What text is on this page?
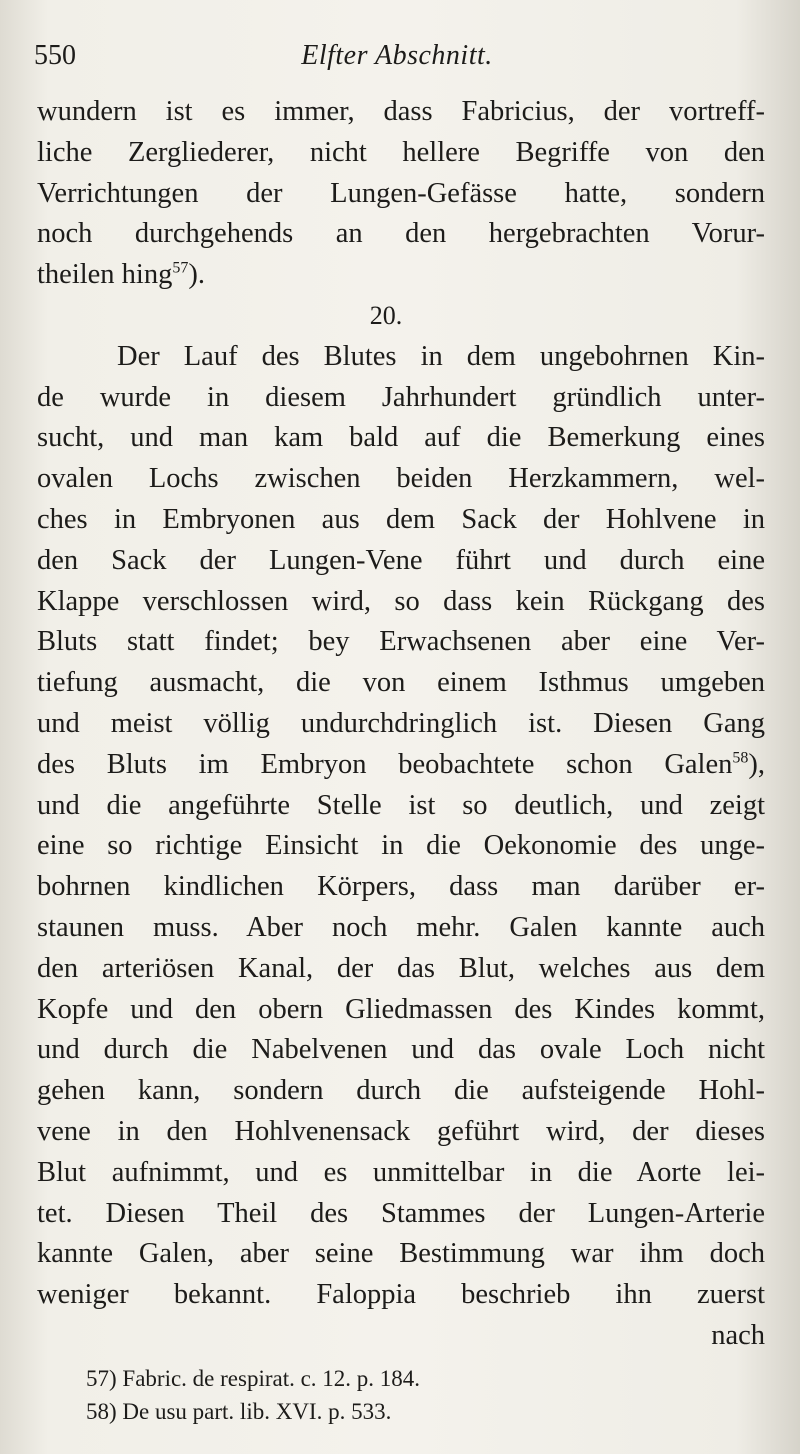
550	Elfter Abschnitt.
wundern ist es immer, dass Fabricius, der vortreff-
liche Zergliederer, nicht hellere Begriffe von den
Verrichtungen der Lungen-Gefässe hatte, sondern
noch durchgehends an den hergebrachten Vorur-
theilen hing$^{57}$).
20.
Der Lauf des Blutes in dem ungebohrnen Kin-
de wurde in diesem Jahrhundert gründlich unter-
sucht, und man kam bald auf die Bemerkung eines
ovalen Lochs zwischen beiden Herzkammern, wel-
ches in Embryonen aus dem Sack der Hohlvene in
den Sack der Lungen-Vene führt und durch eine
Klappe verschlossen wird, so dass kein Rückgang des
Bluts statt findet; bey Erwachsenen aber eine Ver-
tiefung ausmacht, die von einem Isthmus umgeben
und meist völlig undurchdringlich ist. Diesen Gang
des Bluts im Embryon beobachtete schon Galen$^{58}$),
und die angeführte Stelle ist so deutlich, und zeigt
eine so richtige Einsicht in die Oekonomie des unge-
bohrnen kindlichen Körpers, dass man darüber er-
staunen muss. Aber noch mehr. Galen kannte auch
den arteriösen Kanal, der das Blut, welches aus dem
Kopfe und den obern Gliedmassen des Kindes kommt,
und durch die Nabelvenen und das ovale Loch nicht
gehen kann, sondern durch die aufsteigende Hohl-
vene in den Hohlvenensack geführt wird, der dieses
Blut aufnimmt, und es unmittelbar in die Aorte lei-
tet. Diesen Theil des Stammes der Lungen-Arterie
kannte Galen, aber seine Bestimmung war ihm doch
weniger bekannt. Faloppia beschrieb ihn zuerst
nach
57) Fabric. de respirat. c. 12. p. 184.
58) De usu part. lib. XVI. p. 533.
